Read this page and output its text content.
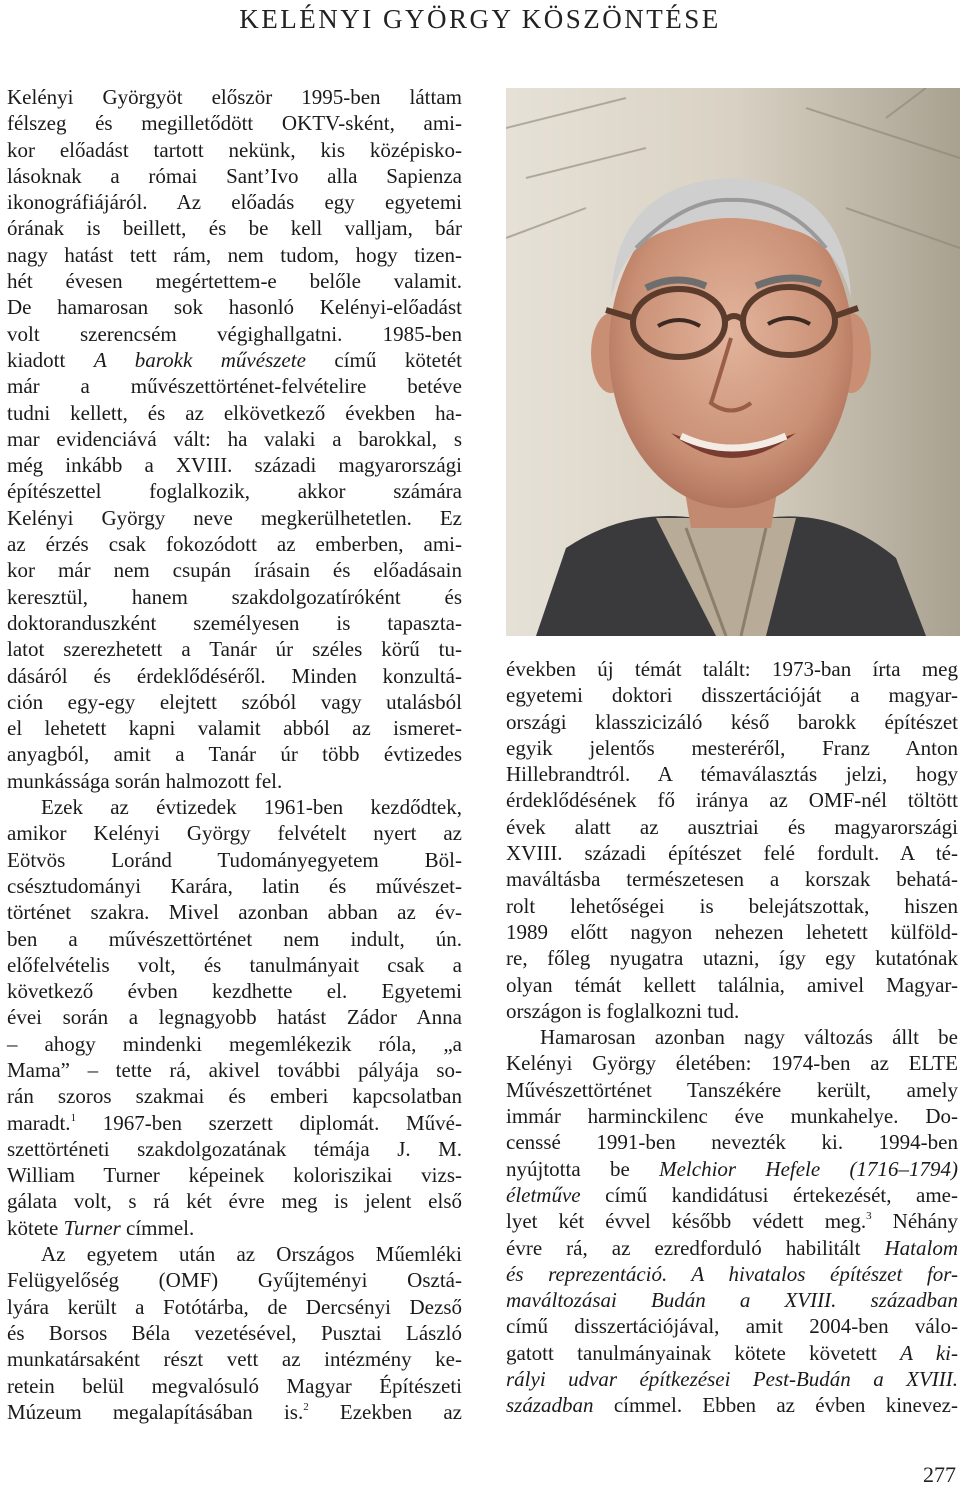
KELÉNYI GYÖRGY KÖSZÖNTÉSE

Kelényi Györgyöt először 1995-ben láttam
félszeg és megilletődött OKTV-sként, ami-
kor előadást tartott nekünk, kis középisko-
lásoknak a római Sant’Ivo alla Sapienza
ikonográfiájáról. Az előadás egy egyetemi
órának is beillett, és be kell valljam, bár
nagy hatást tett rám, nem tudom, hogy tizen-
hét évesen megértettem-e belőle valamit.
De hamarosan sok hasonló Kelényi-előadást
volt szerencsém végighallgatni. 1985-ben
kiadott A barokk művészete című kötetét
már a művészettörténet-felvételire betéve
tudni kellett, és az elkövetkező években ha-
mar evidenciává vált: ha valaki a barokkal, s
még inkább a XVIII. századi magyarországi
építészettel foglalkozik, akkor számára
Kelényi György neve megkerülhetetlen. Ez
az érzés csak fokozódott az emberben, ami-
kor már nem csupán írásain és előadásain
keresztül, hanem szakdolgozatíróként és
doktoranduszként személyesen is tapaszta-
latot szerezhetett a Tanár úr széles körű tu-
dásáról és érdeklődéséről. Minden konzultá-
ción egy-egy elejtett szóból vagy utalásból
el lehetett kapni valamit abból az ismeret-
anyagból, amit a Tanár úr több évtizedes
munkássága során halmozott fel.

Ezek az évtizedek 1961-ben kezdődtek,
amikor Kelényi György felvételt nyert az
Eötvös Loránd Tudományegyetem Böl-
csésztudományi Karára, latin és művészet-
történet szakra. Mivel azonban abban az év-
ben a művészettörténet nem indult, ún.
előfelvételis volt, és tanulmányait csak a
következő évben kezdhette el. Egyetemi
évei során a legnagyobb hatást Zádor Anna
– ahogy mindenki megemlékezik róla, „a
Mama” – tette rá, akivel további pályája so-
rán szoros szakmai és emberi kapcsolatban
maradt.$^1$ 1967-ben szerzett diplomát. Művé-
szettörténeti szakdolgozatának témája J. M.
William Turner képeinek koloriszikai vizs-
gálata volt, s rá két évre meg is jelent első
kötete Turner címmel.

Az egyetem után az Országos Műemléki
Felügyelőség (OMF) Gyűjteményi Osztá-
lyára került a Fotótárba, de Dercsényi Dezső
és Borsos Béla vezetésével, Pusztai László
munkatársaként részt vett az intézmény ke-
retein belül megvalósuló Magyar Építészeti
Múzeum megalapításában is.$^2$ Ezekben az

években új témát talált: 1973-ban írta meg
egyetemi doktori disszertációját a magyar-
országi klasszicizáló késő barokk építészet
egyik jelentős mesteréről, Franz Anton
Hillebrandtról. A témaválasztás jelzi, hogy
érdeklődésének fő iránya az OMF-nél töltött
évek alatt az ausztriai és magyarországi
XVIII. századi építészet felé fordult. A té-
maváltásba természetesen a korszak behatá-
rolt lehetőségei is belejátszottak, hiszen
1989 előtt nagyon nehezen lehetett külföld-
re, főleg nyugatra utazni, így egy kutatónak
olyan témát kellett találnia, amivel Magyar-
országon is foglalkozni tud.

Hamarosan azonban nagy változás állt be
Kelényi György életében: 1974-ben az ELTE
Művészettörténet Tanszékére került, amely
immár harminckilenc éve munkahelye. Do-
censsé 1991-ben nevezték ki. 1994-ben
nyújtotta be Melchior Hefele (1716–1794)
életműve című kandidátusi értekezését, ame-
lyet két évvel később védett meg.$^3$ Néhány
évre rá, az ezredforduló habilitált Hatalom
és reprezentáció. A hivatalos építészet for-
maváltozásai Budán a XVIII. században
című disszertációjával, amit 2004-ben válo-
gatott tanulmányainak kötete követett A ki-
rályi udvar építkezései Pest-Budán a XVIII.
században címmel. Ebben az évben kinevez-

277
